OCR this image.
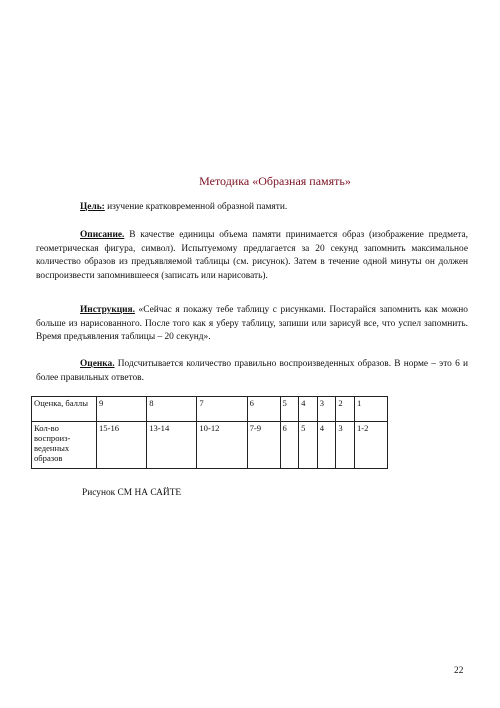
Методика «Образная память»

Цель: изучение кратковременной образной памяти.

Описание. В качестве единицы объема памяти принимается образ (изображение предмета, геометрическая фигура, символ). Испытуемому предлагается за 20 секунд запомнить максимальное количество образов из предъявляемой таблицы (см. рисунок). Затем в течение одной минуты он должен воспроизвести запомнившееся (записать или нарисовать).

Инструкция. «Сейчас я покажу тебе таблицу с рисунками. Постарайся запомнить как можно больше из нарисованного. После того как я уберу таблицу, запиши или зарисуй все, что успел запомнить. Время предъявления таблицы – 20 секунд».

Оценка. Подсчитывается количество правильно воспроизведенных образов. В норме – это 6 и более правильных ответов.

Оценка, баллы	9	8	7	6	5	4	3	2	1
Кол-во воспроиз-веденных образов	15-16	13-14	10-12	7-9	6	5	4	3	1-2
Рисунок СМ НА САЙТЕ
22
